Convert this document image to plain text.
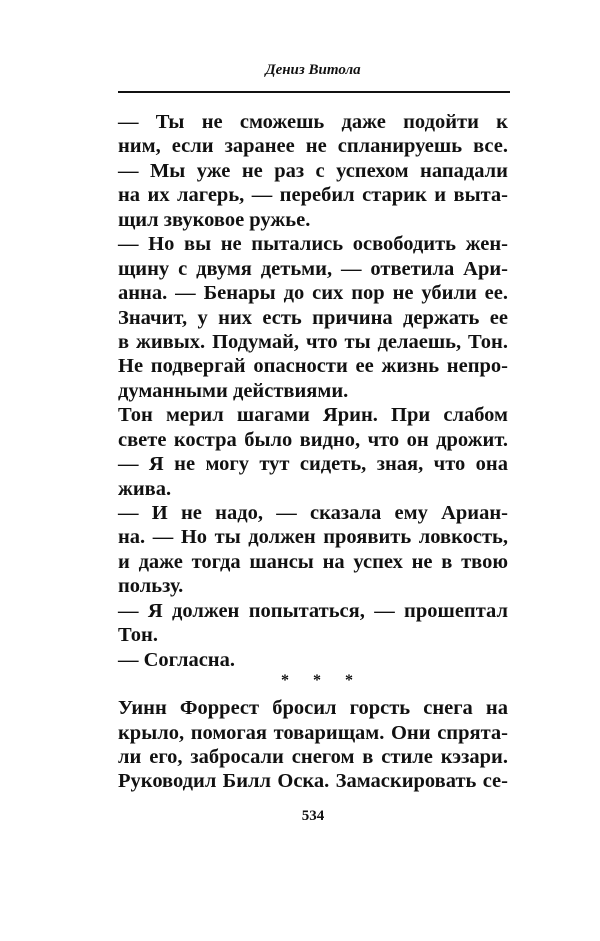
Дениз Витола
— Ты не сможешь даже подойти к
ним, если заранее не спланируешь все.
— Мы уже не раз с успехом нападали
на их лагерь, — перебил старик и выта-
щил звуковое ружье.
— Но вы не пытались освободить жен-
щину с двумя детьми, — ответила Ари-
анна. — Бенары до сих пор не убили ее.
Значит, у них есть причина держать ее
в живых. Подумай, что ты делаешь, Тон.
Не подвергай опасности ее жизнь непро-
думанными действиями.
Тон мерил шагами Ярин. При слабом
свете костра было видно, что он дрожит.
— Я не могу тут сидеть, зная, что она
жива.
— И не надо, — сказала ему Ариан-
на. — Но ты должен проявить ловкость,
и даже тогда шансы на успех не в твою
пользу.
— Я должен попытаться, — прошептал
Тон.
— Согласна.
* * *
Уинн Форрест бросил горсть снега на
крыло, помогая товарищам. Они спрята-
ли его, забросали снегом в стиле кэзари.
Руководил Билл Оска. Замаскировать се-
534
